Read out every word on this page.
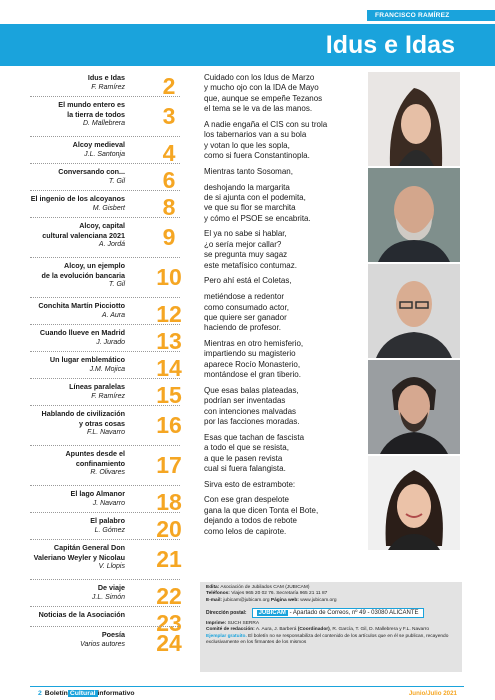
FRANCISCO RAMÍREZ
Idus e Idas
Idus e Idas
F. Ramírez	2
El mundo entero es
la tierra de todos
D. Mallebrera	3
Alcoy medieval
J.L. Santonja	4
Conversando con...
T. Gil	6
El ingenio de los alcoyanos
M. Gisbert	8
Alcoy, capital
cultural valenciana 2021
A. Jordá	9
Alcoy, un ejemplo
de la evolución bancaria
T. Gil 10
Conchita Martín Picciotto
A. Aura 12
Cuando llueve en Madrid
J. Jurado 13
Un lugar emblemático
J.M. Mojica 14
Líneas paralelas
F. Ramírez 15
Hablando de civilización
y otras cosas
F.L. Navarro 16
Apuntes desde el
confinamiento
R. Olivares 17
El lago Almanor
J. Navarro 18
El palabro
L. Gómez 20
Capitán General Don
Valeriano Weyler y Nicolau
V. Llopis 21
De viaje
J.L. Simón 22
Noticias de la Asociación 23
Poesía
Varios autores 24
Cuidado con los Idus de Marzo
y mucho ojo con la IDA de Mayo
que, aunque se empeñe Tezanos
el tema se le va de las manos.
A nadie engaña el CIS con su trola
los tabernarios van a su bola
y votan lo que les sopla,
como si fuera Constantinopla.
Mientras tanto Sosoman,
deshojando la margarita
de si ajunta con el podemita,
ve que su flor se marchita
y cómo el PSOE se encabrita.
El ya no sabe si hablar,
¿o sería mejor callar?
se pregunta muy sagaz
este metafísico contumaz.
Pero ahí está el Coletas,
metiéndose a redentor
como consumado actor,
que quiere ser ganador
haciendo de profesor.
Mientras en otro hemisferio,
impartiendo su magisterio
aparece Rocío Monasterio,
montándose el gran tiberio.
Que esas balas plateadas,
podrían ser inventadas
con intenciones malvadas
por las facciones moradas.
Esas que tachan de fascista
a todo el que se resista,
a que le pasen revista
cual si fuera falangista.
Sirva esto de estrambote:
Con ese gran despelote
gana la que dicen Tonta el Bote,
dejando a todos de rebote
como lelos de capirote.
Edita: Asociación de Jubilados CAM (JUBICAM)
Teléfonos: Viajes 965 20 02 76. Secretaría 965 21 11 87
E-mail: jubicam@jubicam.org Página web: www.jubicam.org
Dirección postal:	JUBICAM - Apartado de Correos, nº 49 - 03080 ALICANTE
Imprime: SUCH SERRA
Comité de redacción: A. Aura, J. Barberá (Coordinador), R. García, T. Gil, D. Mallebrera y F.L. Navarro
Ejemplar gratuito. El boletín no se responsabiliza del contenido de los artículos que en él se publican, recayendo exclusivamente en los firmantes de los mismos
2 Boletín Cultural informativo	Junio/Julio 2021
